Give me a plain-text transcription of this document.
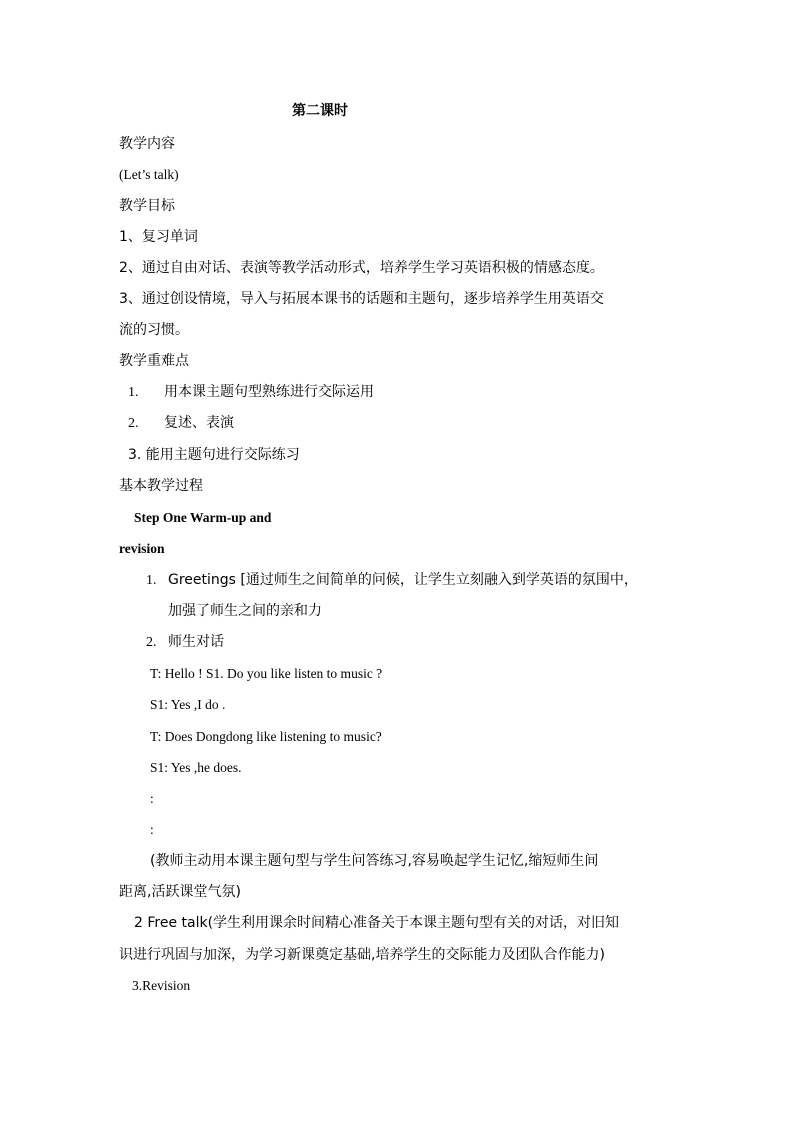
第二课时
教学内容
(Let’s talk)
教学目标
1、复习单词
2、通过自由对话、表演等教学活动形式，培养学生学习英语积极的情感态度。
3、通过创设情境，导入与拓展本课书的话题和主题句，逐步培养学生用英语交
流的习惯。
教学重难点
1. 用本课主题句型熟练进行交际运用
2. 复述、表演
3. 能用主题句进行交际练习
基本教学过程
Step One Warm-up and
revision
1. Greetings [通过师生之间简单的问候，让学生立刻融入到学英语的氛围中，
加强了师生之间的亲和力
2. 师生对话
T: Hello ! S1. Do you like listen to music ?
S1: Yes ,I do .
T: Does Dongdong like listening to music?
S1: Yes ,he does.
:
:
(教师主动用本课主题句型与学生问答练习,容易唤起学生记忆,缩短师生间
距离,活跃课堂气氛)
2 Free talk(学生利用课余时间精心准备关于本课主题句型有关的对话，对旧知
识进行巩固与加深，为学习新课奠定基础,培养学生的交际能力及团队合作能力)
3.Revision
